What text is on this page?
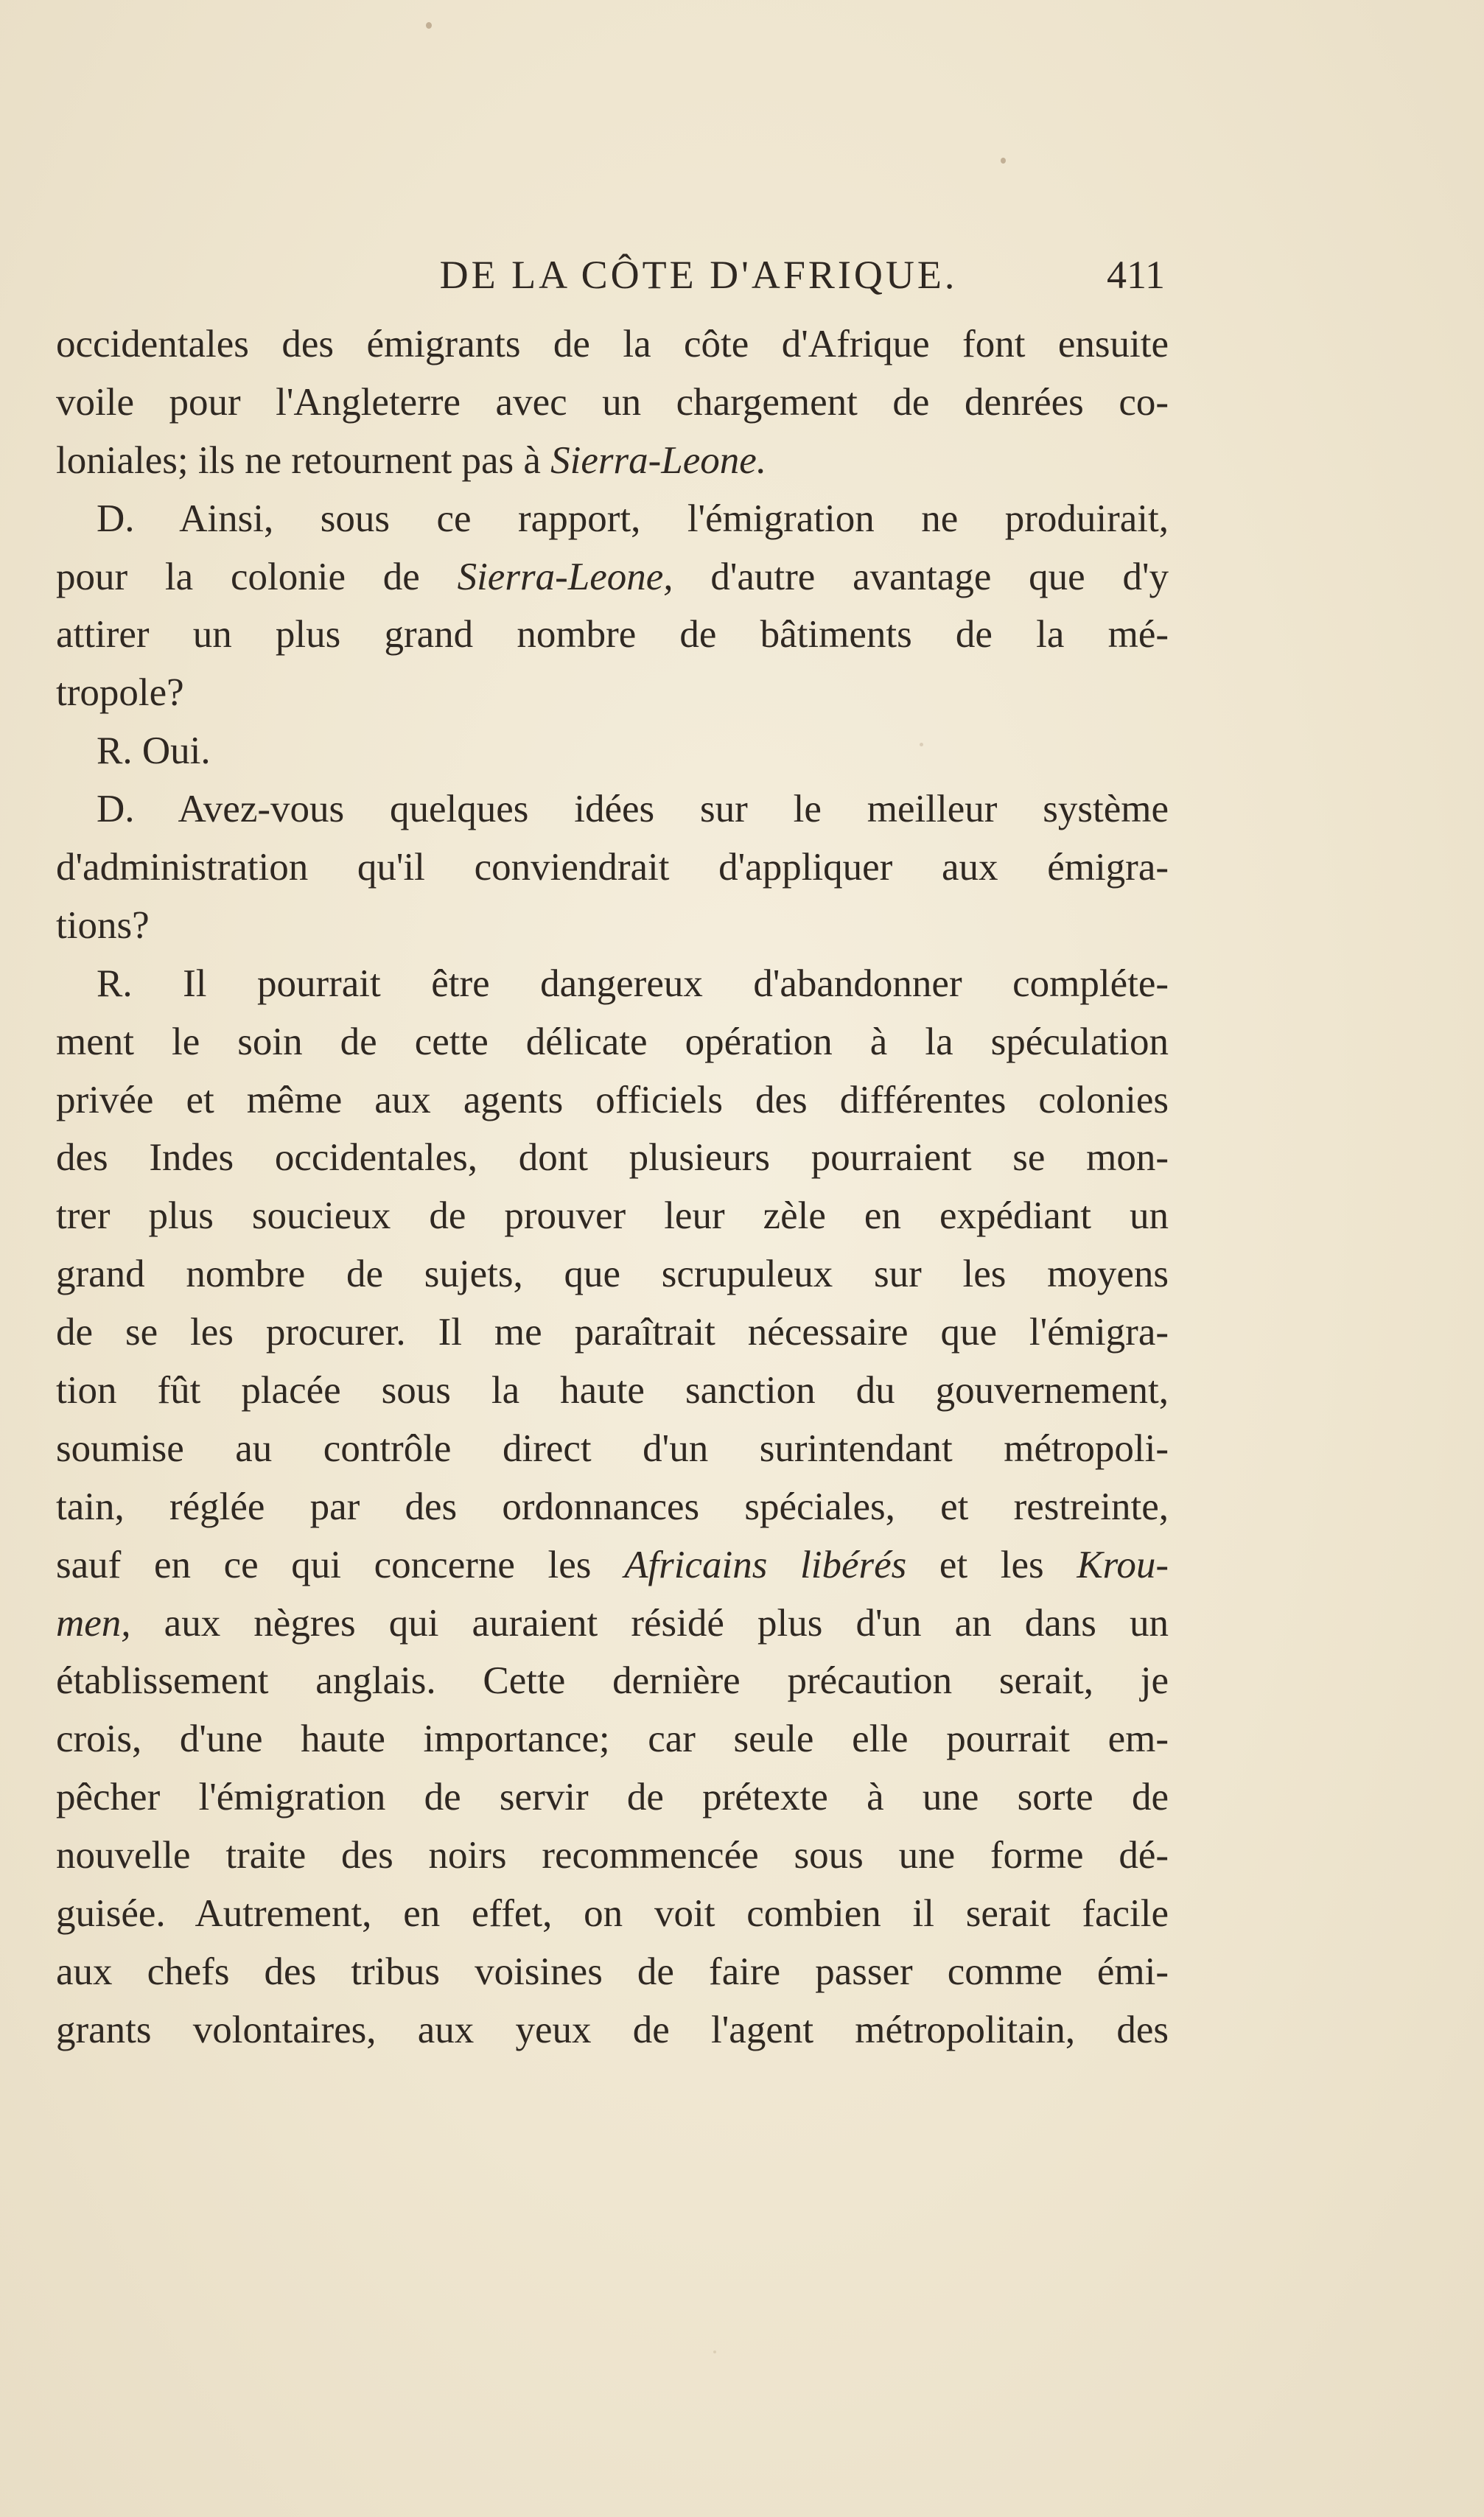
DE LA CÔTE D'AFRIQUE.	411
occidentales des émigrants de la côte d'Afrique font ensuite
voile pour l'Angleterre avec un chargement de denrées co-
loniales; ils ne retournent pas à Sierra-Leone.
D. Ainsi, sous ce rapport, l'émigration ne produirait,
pour la colonie de Sierra-Leone, d'autre avantage que d'y
attirer un plus grand nombre de bâtiments de la mé-
tropole?
R. Oui.
D. Avez-vous quelques idées sur le meilleur système
d'administration qu'il conviendrait d'appliquer aux émigra-
tions?
R. Il pourrait être dangereux d'abandonner compléte-
ment le soin de cette délicate opération à la spéculation
privée et même aux agents officiels des différentes colonies
des Indes occidentales, dont plusieurs pourraient se mon-
trer plus soucieux de prouver leur zèle en expédiant un
grand nombre de sujets, que scrupuleux sur les moyens
de se les procurer. Il me paraîtrait nécessaire que l'émigra-
tion fût placée sous la haute sanction du gouvernement,
soumise au contrôle direct d'un surintendant métropoli-
tain, réglée par des ordonnances spéciales, et restreinte,
sauf en ce qui concerne les Africains libérés et les Krou-
men, aux nègres qui auraient résidé plus d'un an dans un
établissement anglais. Cette dernière précaution serait, je
crois, d'une haute importance; car seule elle pourrait em-
pêcher l'émigration de servir de prétexte à une sorte de
nouvelle traite des noirs recommencée sous une forme dé-
guisée. Autrement, en effet, on voit combien il serait facile
aux chefs des tribus voisines de faire passer comme émi-
grants volontaires, aux yeux de l'agent métropolitain, des
